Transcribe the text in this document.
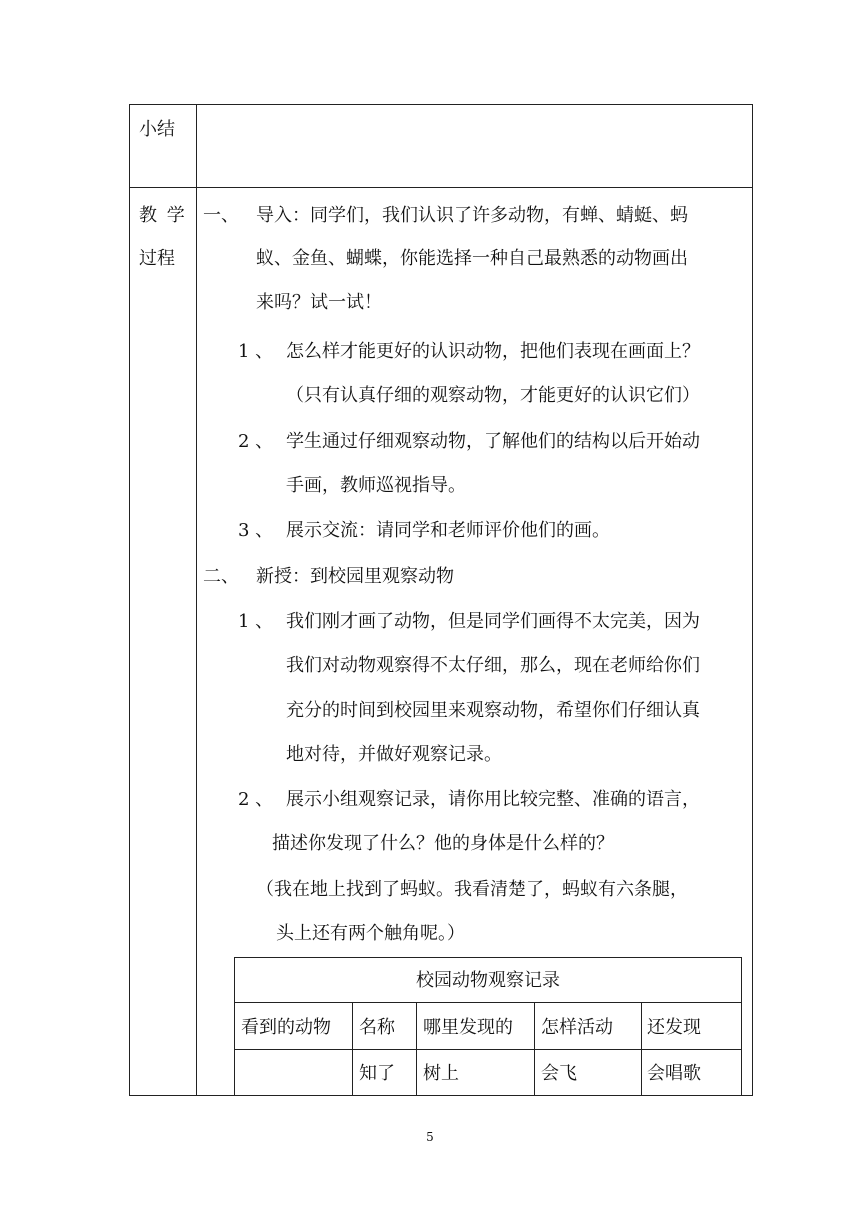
小结
教 学
过程
一、 导入：同学们，我们认识了许多动物，有蝉、蜻蜓、蚂
蚁、金鱼、蝴蝶，你能选择一种自己最熟悉的动物画出
来吗？试一试！
1 、 怎么样才能更好的认识动物，把他们表现在画面上？
（只有认真仔细的观察动物，才能更好的认识它们）
2 、 学生通过仔细观察动物，了解他们的结构以后开始动
手画，教师巡视指导。
3 、 展示交流：请同学和老师评价他们的画。
二、 新授：到校园里观察动物
1 、 我们刚才画了动物，但是同学们画得不太完美，因为
我们对动物观察得不太仔细，那么，现在老师给你们
充分的时间到校园里来观察动物，希望你们仔细认真
地对待，并做好观察记录。
2 、 展示小组观察记录，请你用比较完整、准确的语言，
描述你发现了什么？他的身体是什么样的？
（我在地上找到了蚂蚁。我看清楚了，蚂蚁有六条腿，
头上还有两个触角呢。）
校园动物观察记录
看到的动物 名称 哪里发现的 怎样活动 还发现
知了 树上	会飞	会唱歌
5
